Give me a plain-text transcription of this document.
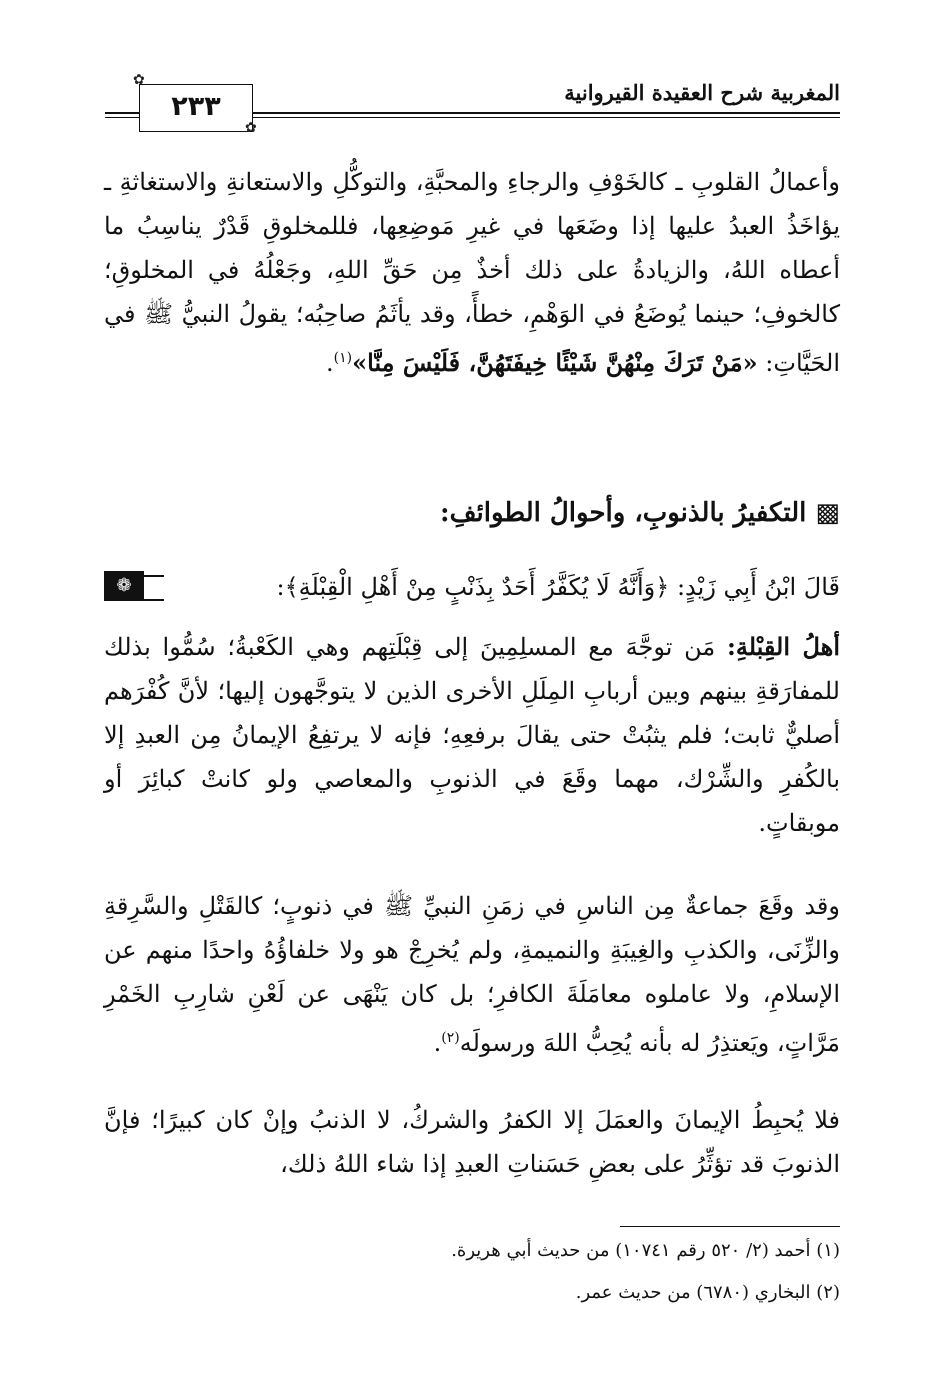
المغربية شرح العقيدة القيروانية
٢٣٣
✿
✿
وأعمالُ القلوبِ ـ كالخَوْفِ والرجاءِ والمحبَّةِ، والتوكُّلِ والاستعانةِ والاستغاثةِ ـ يؤاخَذُ العبدُ عليها إذا وضَعَها في غيرِ مَوضِعِها، فللمخلوقِ قَدْرٌ يناسِبُ ما أعطاه اللهُ، والزيادةُ على ذلك أخذٌ مِن حَقِّ اللهِ، وجَعْلُهُ في المخلوقِ؛ كالخوفِ؛ حينما يُوضَعُ في الوَهْمِ، خطأً، وقد يأثَمُ صاحِبُه؛ يقولُ النبيُّ ﷺ في الحَيَّاتِ: «مَنْ تَرَكَ مِنْهُنَّ شَيْئًا خِيفَتَهُنَّ، فَلَيْسَ مِنَّا»$^{(١)}$.
▩ التكفيرُ بالذنوبِ، وأحوالُ الطوائفِ:
❁	قَالَ ابْنُ أَبِي زَيْدٍ: ﴿وَأَنَّهُ لَا يُكَفَّرُ أَحَدٌ بِذَنْبٍ مِنْ أَهْلِ الْقِبْلَةِ﴾:
أهلُ القِبْلةِ: مَن توجَّهَ مع المسلِمِينَ إلى قِبْلَتِهم وهي الكَعْبةُ؛ سُمُّوا بذلك للمفارَقةِ بينهم وبين أربابِ المِلَلِ الأخرى الذين لا يتوجَّهون إليها؛ لأنَّ كُفْرَهم أصليٌّ ثابت؛ فلم يثبُتْ حتى يقالَ برفعِهِ؛ فإنه لا يرتفِعُ الإيمانُ مِن العبدِ إلا بالكُفرِ والشِّرْك، مهما وقَعَ في الذنوبِ والمعاصي ولو كانتْ كبائِرَ أو موبقاتٍ.
وقد وقَعَ جماعةٌ مِن الناسِ في زمَنِ النبيِّ ﷺ في ذنوبٍ؛ كالقَتْلِ والسَّرِقةِ والزِّنَى، والكذبِ والغِيبَةِ والنميمةِ، ولم يُخرِجْ هو ولا خلفاؤُهُ واحدًا منهم عن الإسلامِ، ولا عاملوه معامَلَةَ الكافرِ؛ بل كان يَنْهَى عن لَعْنِ شارِبِ الخَمْرِ مَرَّاتٍ، ويَعتذِرُ له بأنه يُحِبُّ اللهَ ورسولَه$^{(٢)}$.
فلا يُحبِطُ الإيمانَ والعمَلَ إلا الكفرُ والشركُ، لا الذنبُ وإنْ كان كبيرًا؛ فإنَّ الذنوبَ قد تؤثِّرُ على بعضِ حَسَناتِ العبدِ إذا شاء اللهُ ذلك،
(١) أحمد (٢/ ٥٢٠ رقم ١٠٧٤١) من حديث أبي هريرة.
(٢) البخاري (٦٧٨٠) من حديث عمر.
